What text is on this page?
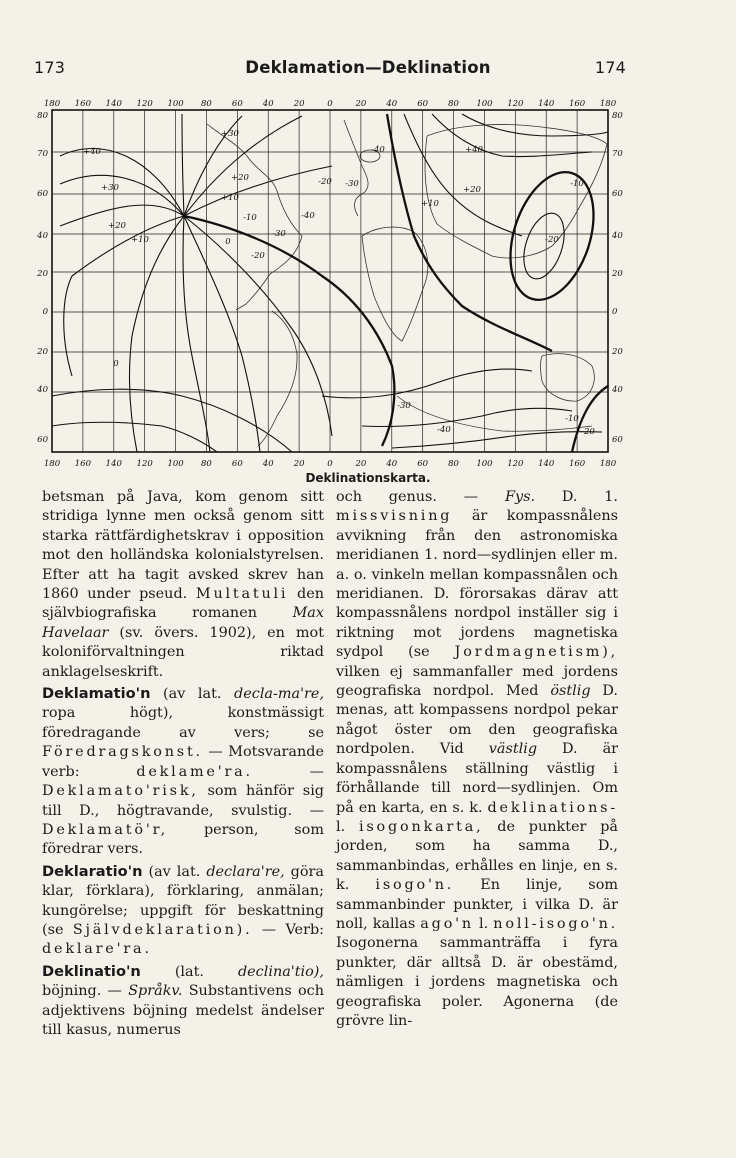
Deklamation—Deklination
173	174
180 160 140 120 100 80 60 40 20	0	20 40 60 80 100 120 140 160 180
180 160 140 120 100 80 60 40 20	0	20 40 60 80 100 120 140 160 180
80
70
60
40
20
0
20
40
60
80
70
60
40
20
0
20
40
60
+40
+30
+20
+10
+30
+20
+10
0
-10
-20
-30
-40
-20 -30
-40	+40
+20
+10
-10
-20
-30
-40
-10
-20
0
Deklinationskarta.

betsman på Java, kom genom sitt stridiga lynne men också genom sitt starka rättfärdighetskrav i opposition mot den holländska kolonialstyrelsen. Efter att ha tagit avsked skrev han 1860 under pseud. Multatuli den självbiografiska romanen Max Havelaar (sv. övers. 1902), en mot koloniförvaltningen riktad anklagelseskrift.

Deklamatio'n (av lat. decla-ma're, ropa högt), konstmässigt föredragande av vers; se Föredragskonst. — Motsvarande verb:	deklame'ra.	— Deklamato'risk, som hänför sig till D., högtravande, svulstig. — Deklamatö'r, person, som föredrar vers.

Deklaratio'n (av lat. declara're, göra klar, förklara), förklaring, anmälan; kungörelse; uppgift för beskattning (se Självdeklaration). — Verb: deklare'ra.

Deklinatio'n (lat. declina'tio), böjning. — Språkv. Substantivens och adjektivens böjning medelst ändelser till kasus, numerus

och genus. — Fys. D. 1. missvisning är kompassnålens avvikning från den astronomiska meridianen 1. nord—sydlinjen eller m. a. o. vinkeln mellan kompassnålen och meridianen. D. förorsakas därav att kompassnålens nordpol inställer sig i riktning mot jordens magnetiska sydpol (se Jordmagnetism), vilken ej sammanfaller med jordens geografiska nordpol. Med östlig D. menas, att kompassens nordpol pekar något öster om den geografiska nordpolen. Vid västlig D. är kompassnålens ställning västlig i förhållande till nord—sydlinjen. Om på en karta, en s. k. deklinations- l. isogonkarta, de punkter på jorden, som ha samma D., sammanbindas, erhålles en linje, en s. k. isogo'n. En linje, som sammanbinder punkter, i vilka D. är noll, kallas ago'n l. noll-isogo'n. Isogonerna sammanträffa i fyra punkter, där alltså D. är obestämd, nämligen i jordens magnetiska och geografiska poler. Agonerna (de grövre lin-
